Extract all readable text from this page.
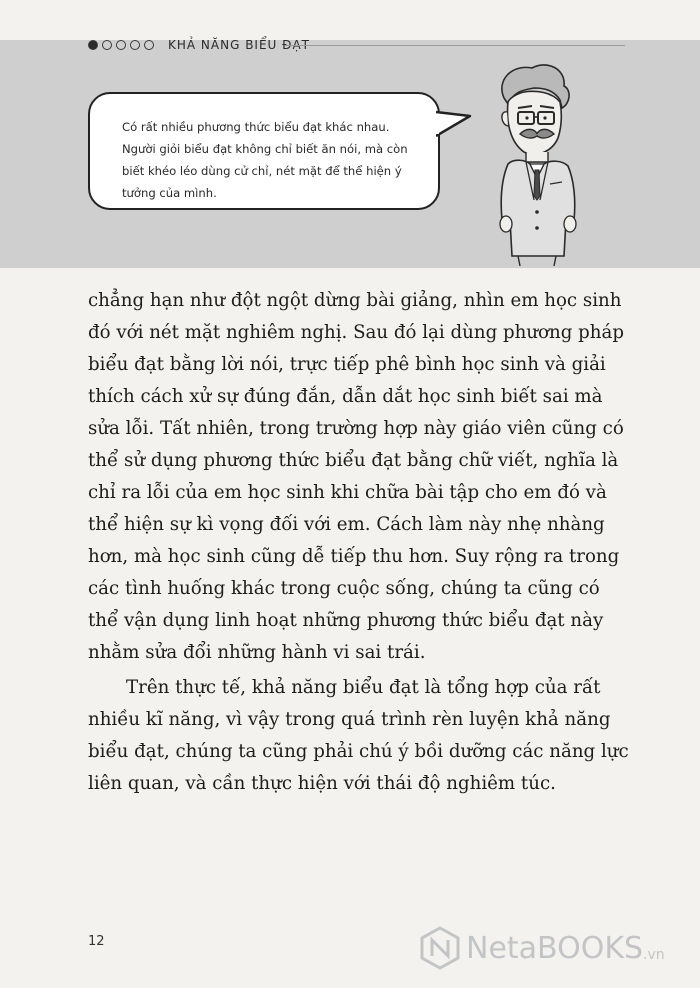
KHẢ NĂNG BIỂU ĐẠT
Có rất nhiều phương thức biểu đạt khác nhau. Người giỏi biểu đạt không chỉ biết ăn nói, mà còn biết khéo léo dùng cử chỉ, nét mặt để thể hiện ý tưởng của mình.

chẳng hạn như đột ngột dừng bài giảng, nhìn em học sinh đó với nét mặt nghiêm nghị. Sau đó lại dùng phương pháp biểu đạt bằng lời nói, trực tiếp phê bình học sinh và giải thích cách xử sự đúng đắn, dẫn dắt học sinh biết sai mà sửa lỗi. Tất nhiên, trong trường hợp này giáo viên cũng có thể sử dụng phương thức biểu đạt bằng chữ viết, nghĩa là chỉ ra lỗi của em học sinh khi chữa bài tập cho em đó và thể hiện sự kì vọng đối với em. Cách làm này nhẹ nhàng hơn, mà học sinh cũng dễ tiếp thu hơn. Suy rộng ra trong các tình huống khác trong cuộc sống, chúng ta cũng có thể vận dụng linh hoạt những phương thức biểu đạt này nhằm sửa đổi những hành vi sai trái.

Trên thực tế, khả năng biểu đạt là tổng hợp của rất nhiều kĩ năng, vì vậy trong quá trình rèn luyện khả năng biểu đạt, chúng ta cũng phải chú ý bồi dưỡng các năng lực liên quan, và cần thực hiện với thái độ nghiêm túc.

12	NetaBOOKS .vn
